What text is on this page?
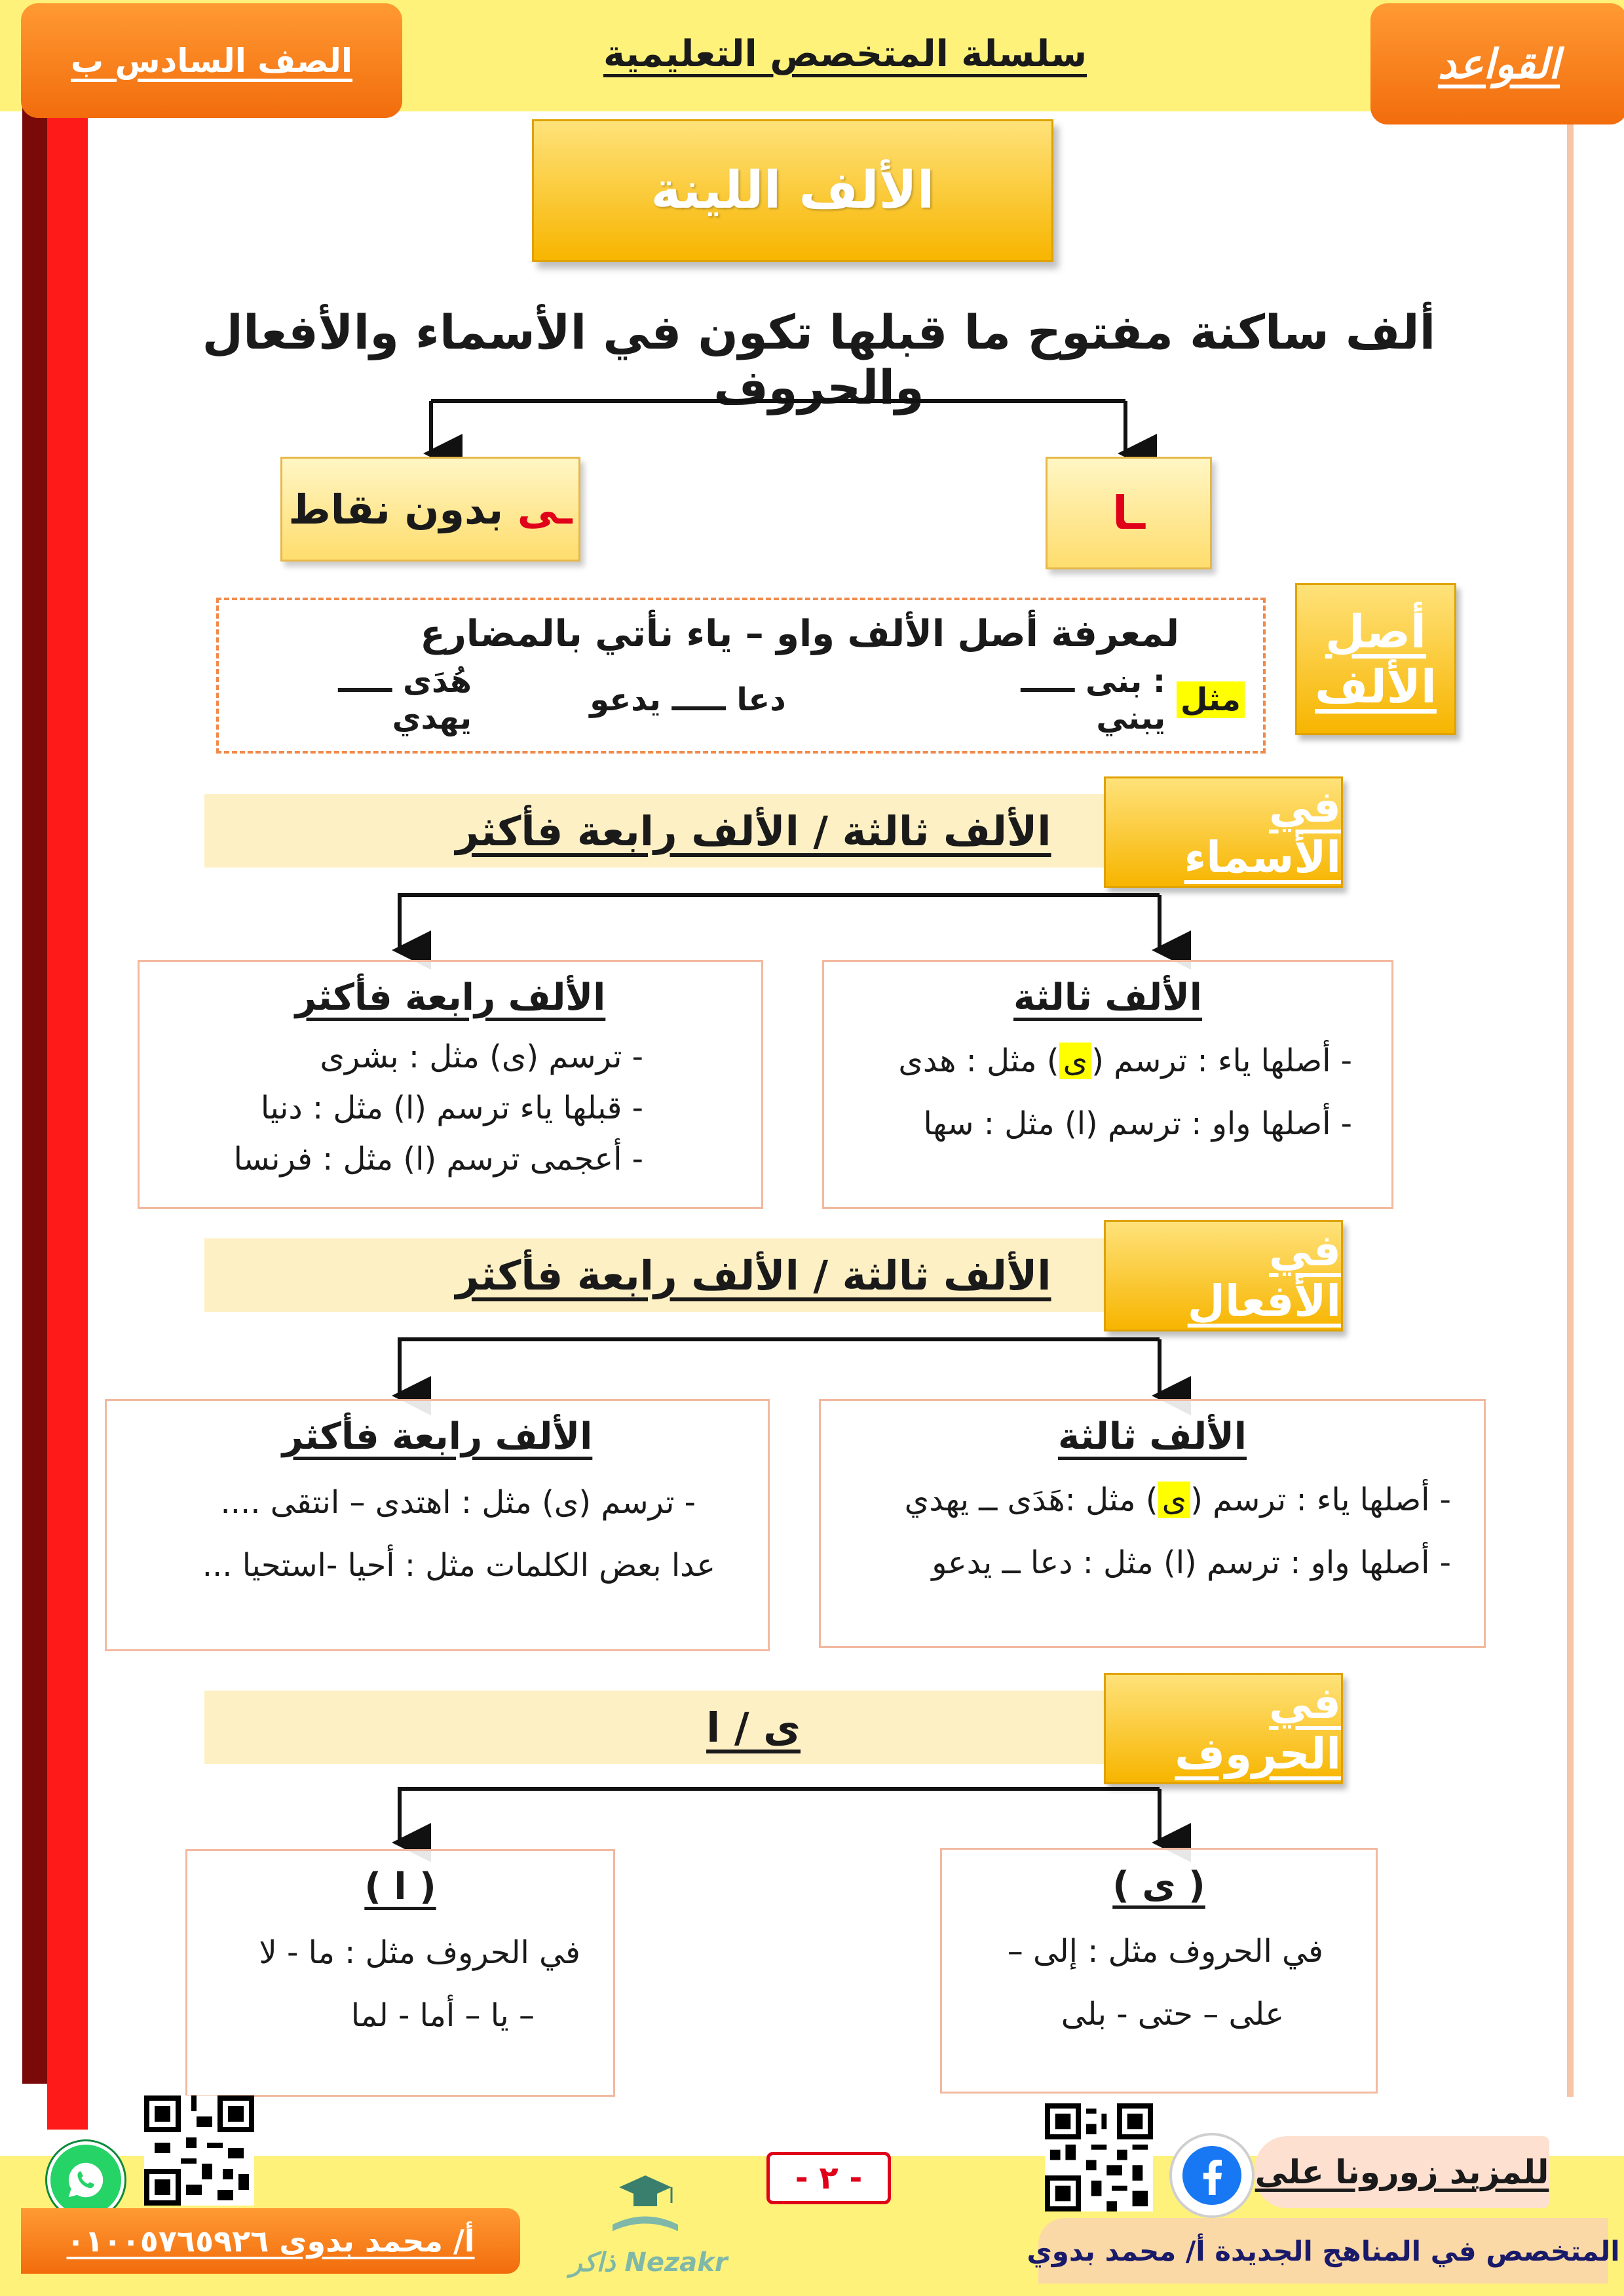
الصف السادس ب	سلسلة المتخصص التعليمية	القواعد
الألف اللينة
ألف ساكنة مفتوح ما قبلها تكون في الأسماء والأفعال والحروف
ـا
ـى

بدون نقاط
أصل
الألف
لمعرفة أصل الألف واو – ياء نأتي بالمضارع
مثل

: بنى ـــــ يبني
دعا ـــــ يدعو
هُدَى ـــــ يهدي
الألف ثالثة / الألف رابعة فأكثر	في الأسماء
الألف ثالثة
- أصلها ياء : ترسم (ى) مثل : هدى
- أصلها واو : ترسم (ا) مثل : سها
الألف رابعة فأكثر
- ترسم (ى) مثل : بشرى
- قبلها ياء ترسم (ا) مثل : دنيا
- أعجمى ترسم (ا) مثل : فرنسا
الألف ثالثة / الألف رابعة فأكثر	في الأفعال
الألف ثالثة
- أصلها ياء : ترسم (ى) مثل :هَدَى ــ يهدي
- أصلها واو : ترسم (ا) مثل : دعا ــ يدعو
الألف رابعة فأكثر
- ترسم (ى) مثل : اهتدى – انتقى ....
عدا بعض الكلمات مثل : أحيا -استحيا ...
ى / ا	في الحروف
( ى )
في الحروف مثل : إلى –
على – حتى - بلى
( ا )
في الحروف مثل : ما - لا
– يا – أما - لما
للمزيد زورونا على
- ٢ -
Nezakr ذاكر
أ/ محمد بدوى ٠١٠٠٥٧٦٥٩٢٦	المتخصص في المناهج الجديدة أ/ محمد بدوي
